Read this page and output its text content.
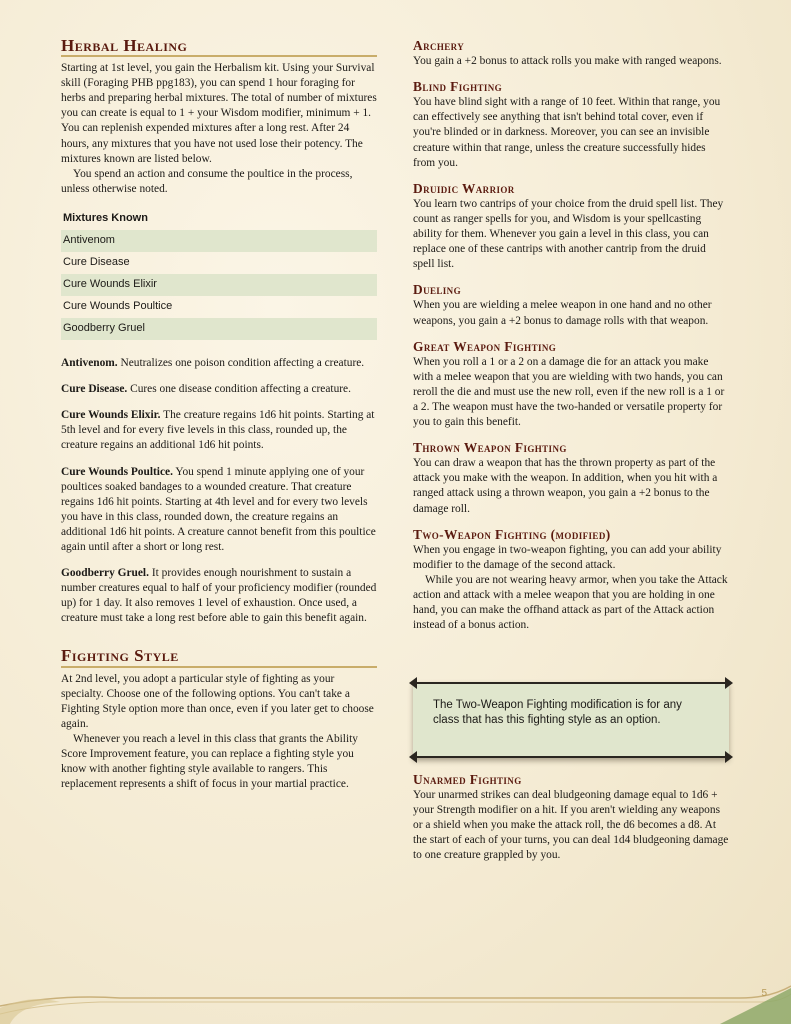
Herbal Healing

Starting at 1st level, you gain the Herbalism kit. Using your Survival skill (Foraging PHB ppg183), you can spend 1 hour foraging for herbs and preparing herbal mixtures. The total of number of mixtures you can create is equal to 1 + your Wisdom modifier, minimum + 1. You can replenish expended mixtures after a long rest. After 24 hours, any mixtures that you have not used lose their potency. The mixtures known are listed below.

You spend an action and consume the poultice in the process, unless otherwise noted.

Mixtures Known
Antivenom
Cure Disease
Cure Wounds Elixir
Cure Wounds Poultice
Goodberry Gruel
Antivenom. Neutralizes one poison condition affecting a creature.
Cure Disease. Cures one disease condition affecting a creature.
Cure Wounds Elixir. The creature regains 1d6 hit points. Starting at 5th level and for every five levels in this class, rounded up, the creature regains an additional 1d6 hit points.
Cure Wounds Poultice. You spend 1 minute applying one of your poultices soaked bandages to a wounded creature. That creature regains 1d6 hit points. Starting at 4th level and for every two levels you have in this class, rounded down, the creature regains an additional 1d6 hit points. A creature cannot benefit from this poultice again until after a short or long rest.
Goodberry Gruel. It provides enough nourishment to sustain a number creatures equal to half of your proficiency modifier (rounded up) for 1 day. It also removes 1 level of exhaustion. Once used, a creature must take a long rest before able to gain this benefit again.
Fighting Style

At 2nd level, you adopt a particular style of fighting as your specialty. Choose one of the following options. You can't take a Fighting Style option more than once, even if you later get to choose again.

Whenever you reach a level in this class that grants the Ability Score Improvement feature, you can replace a fighting style you know with another fighting style available to rangers. This replacement represents a shift of focus in your martial practice.

Archery

You gain a +2 bonus to attack rolls you make with ranged weapons.

Blind Fighting

You have blind sight with a range of 10 feet. Within that range, you can effectively see anything that isn't behind total cover, even if you're blinded or in darkness. Moreover, you can see an invisible creature within that range, unless the creature successfully hides from you.

Druidic Warrior

You learn two cantrips of your choice from the druid spell list. They count as ranger spells for you, and Wisdom is your spellcasting ability for them. Whenever you gain a level in this class, you can replace one of these cantrips with another cantrip from the druid spell list.

Dueling

When you are wielding a melee weapon in one hand and no other weapons, you gain a +2 bonus to damage rolls with that weapon.

Great Weapon Fighting

When you roll a 1 or a 2 on a damage die for an attack you make with a melee weapon that you are wielding with two hands, you can reroll the die and must use the new roll, even if the new roll is a 1 or a 2. The weapon must have the two-handed or versatile property for you to gain this benefit.

Thrown Weapon Fighting

You can draw a weapon that has the thrown property as part of the attack you make with the weapon. In addition, when you hit with a ranged attack using a thrown weapon, you gain a +2 bonus to the damage roll.

Two-Weapon Fighting (modified)

When you engage in two-weapon fighting, you can add your ability modifier to the damage of the second attack.

While you are not wearing heavy armor, when you take the Attack action and attack with a melee weapon that you are holding in one hand, you can make the offhand attack as part of the Attack action instead of a bonus action.

The Two-Weapon Fighting modification is for any class that has this fighting style as an option.
Unarmed Fighting

Your unarmed strikes can deal bludgeoning damage equal to 1d6 + your Strength modifier on a hit. If you aren't wielding any weapons or a shield when you make the attack roll, the d6 becomes a d8. At the start of each of your turns, you can deal 1d4 bludgeoning damage to one creature grappled by you.

5
